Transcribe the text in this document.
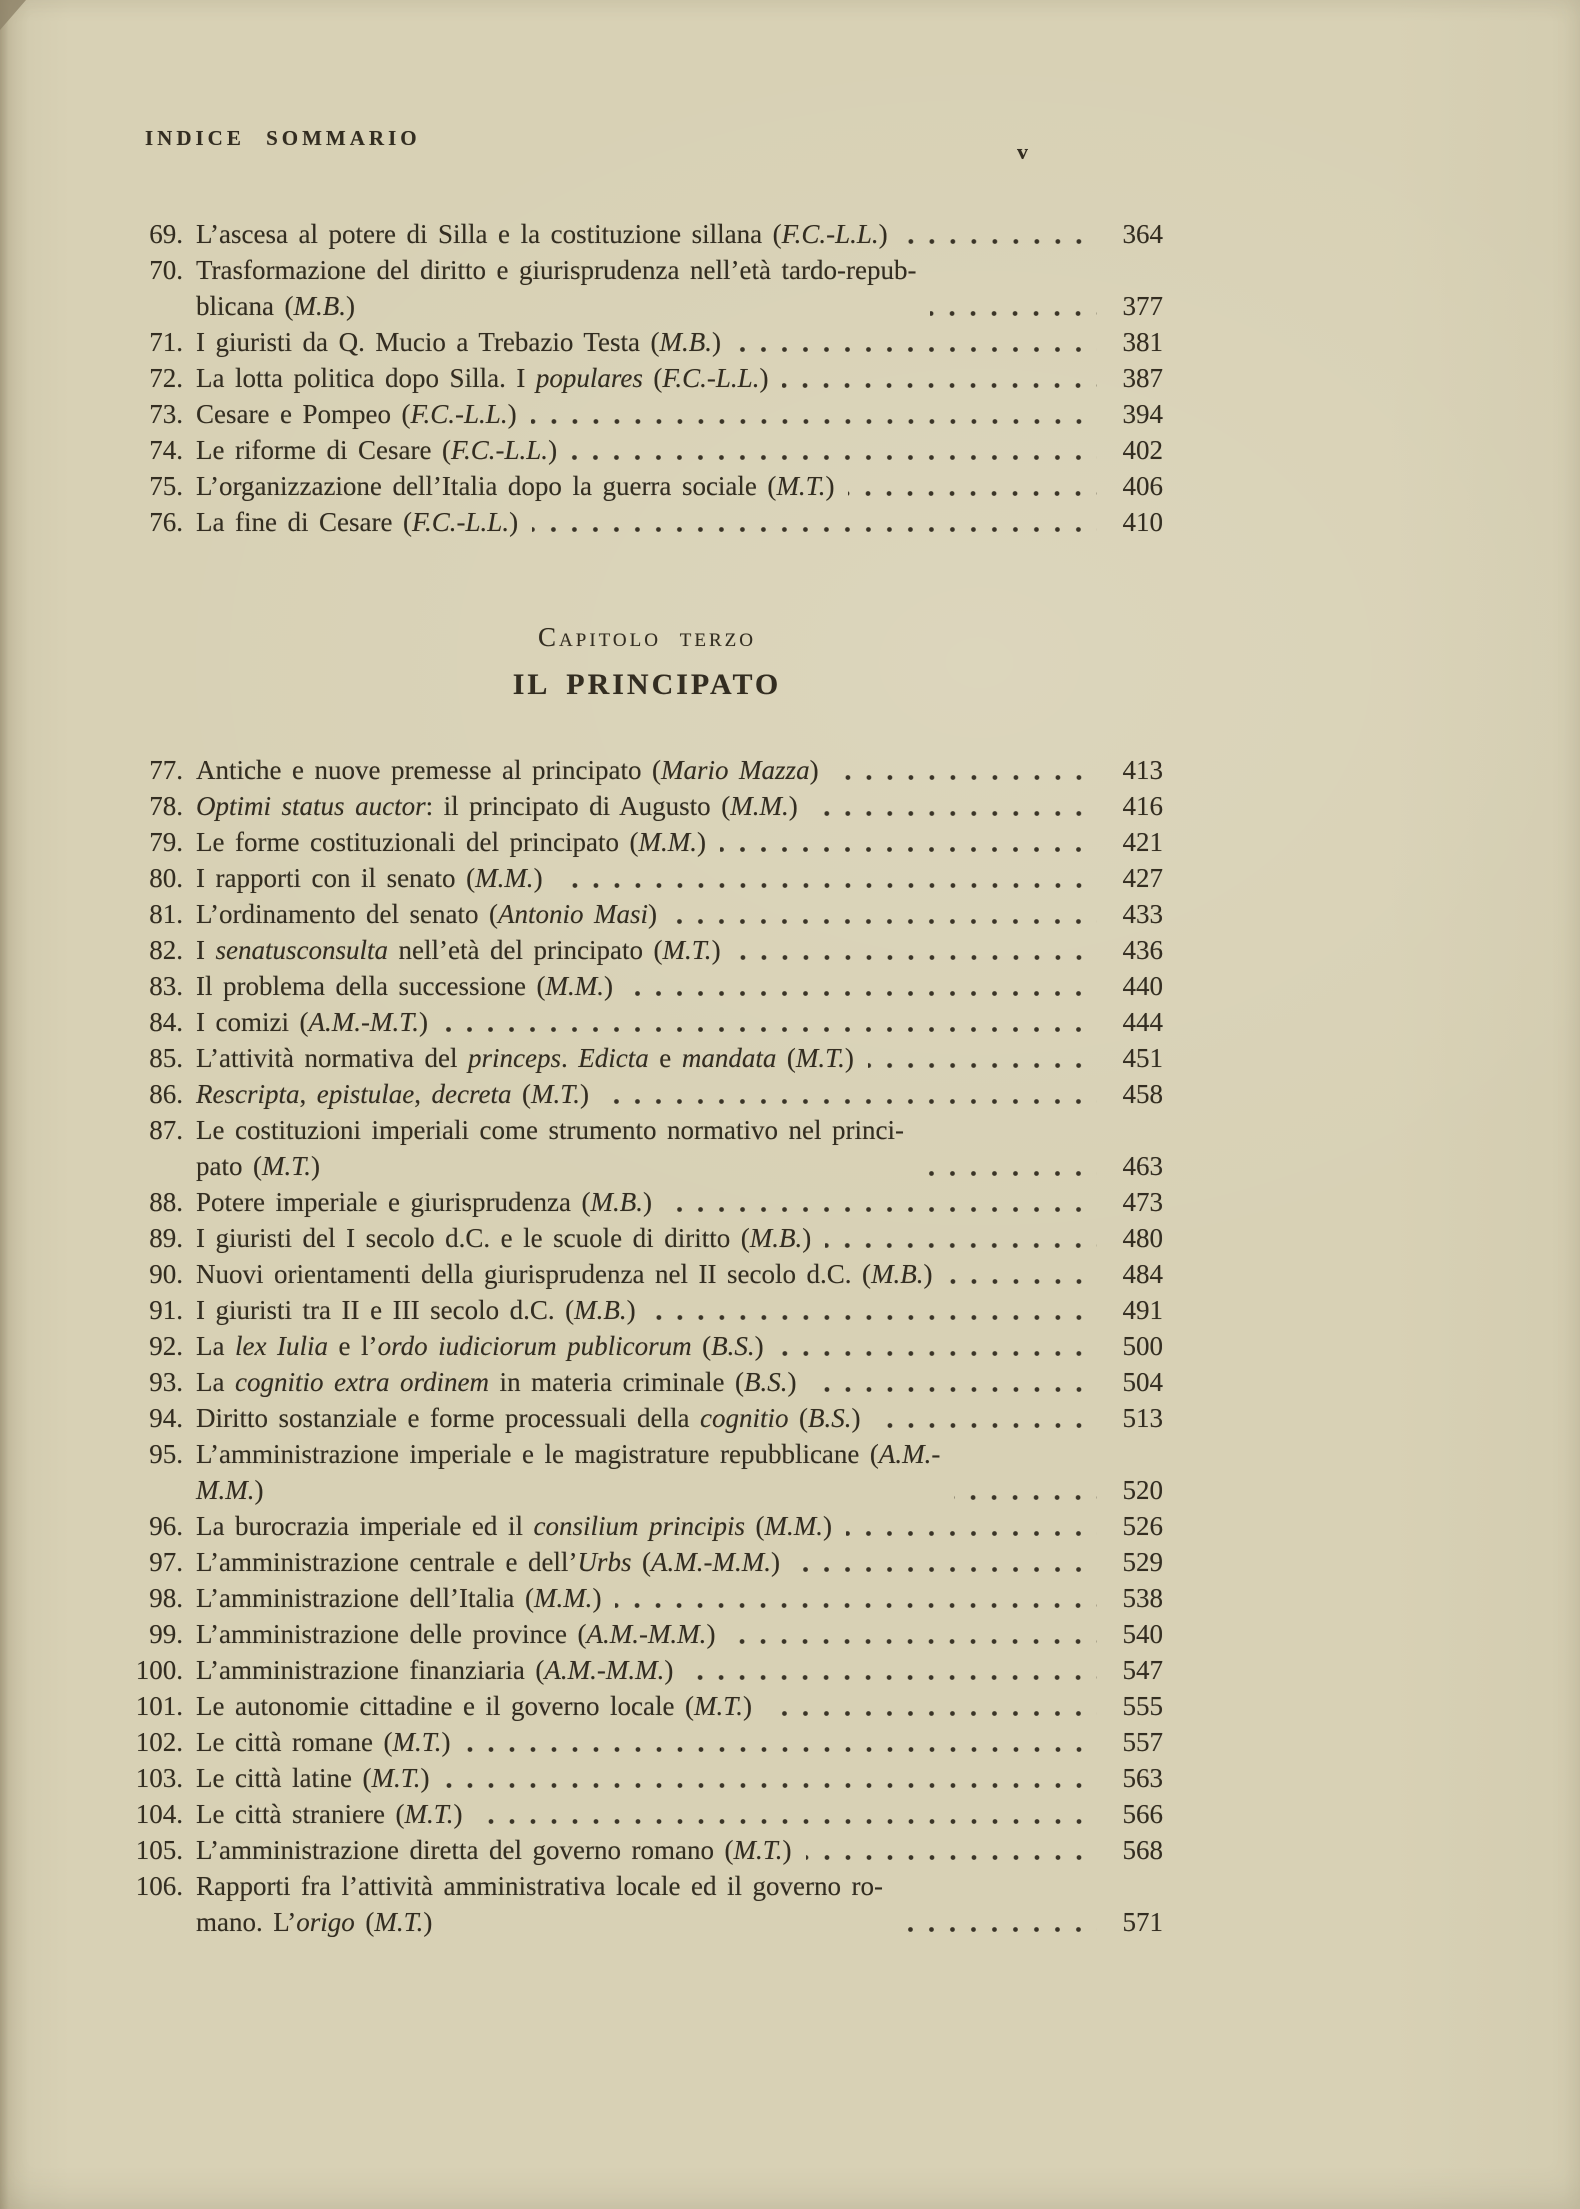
INDICE SOMMARIO
v
69. L’ascesa al potere di Silla e la costituzione sillana (F.C.-L.L.)	364
70. Trasformazione del diritto e giurisprudenza nell’età tardo-repub-
blicana (M.B.)	377
71. I giuristi da Q. Mucio a Trebazio Testa (M.B.)	381
72. La lotta politica dopo Silla. I populares (F.C.-L.L.)	387
73. Cesare e Pompeo (F.C.-L.L.)	394
74. Le riforme di Cesare (F.C.-L.L.)	402
75. L’organizzazione dell’Italia dopo la guerra sociale (M.T.)	406
76. La fine di Cesare (F.C.-L.L.)	410
Capitolo terzo
IL PRINCIPATO
77. Antiche e nuove premesse al principato (Mario Mazza)	413
78. Optimi status auctor: il principato di Augusto (M.M.)	416
79. Le forme costituzionali del principato (M.M.)	421
80. I rapporti con il senato (M.M.)	427
81. L’ordinamento del senato (Antonio Masi)	433
82. I senatusconsulta nell’età del principato (M.T.)	436
83. Il problema della successione (M.M.)	440
84. I comizi (A.M.-M.T.)	444
85. L’attività normativa del princeps. Edicta e mandata (M.T.)	451
86. Rescripta, epistulae, decreta (M.T.)	458
87. Le costituzioni imperiali come strumento normativo nel princi-
pato (M.T.)	463
88. Potere imperiale e giurisprudenza (M.B.)	473
89. I giuristi del I secolo d.C. e le scuole di diritto (M.B.)	480
90. Nuovi orientamenti della giurisprudenza nel II secolo d.C. (M.B.)	484
91. I giuristi tra II e III secolo d.C. (M.B.)	491
92. La lex Iulia e l’ordo iudiciorum publicorum (B.S.)	500
93. La cognitio extra ordinem in materia criminale (B.S.)	504
94. Diritto sostanziale e forme processuali della cognitio (B.S.)	513
95. L’amministrazione imperiale e le magistrature repubblicane (A.M.-
M.M.)	520
96. La burocrazia imperiale ed il consilium principis (M.M.)	526
97. L’amministrazione centrale e dell’Urbs (A.M.-M.M.)	529
98. L’amministrazione dell’Italia (M.M.)	538
99. L’amministrazione delle province (A.M.-M.M.)	540
100. L’amministrazione finanziaria (A.M.-M.M.)	547
101. Le autonomie cittadine e il governo locale (M.T.)	555
102. Le città romane (M.T.)	557
103. Le città latine (M.T.)	563
104. Le città straniere (M.T.)	566
105. L’amministrazione diretta del governo romano (M.T.)	568
106. Rapporti fra l’attività amministrativa locale ed il governo ro-
mano. L’origo (M.T.)	571
